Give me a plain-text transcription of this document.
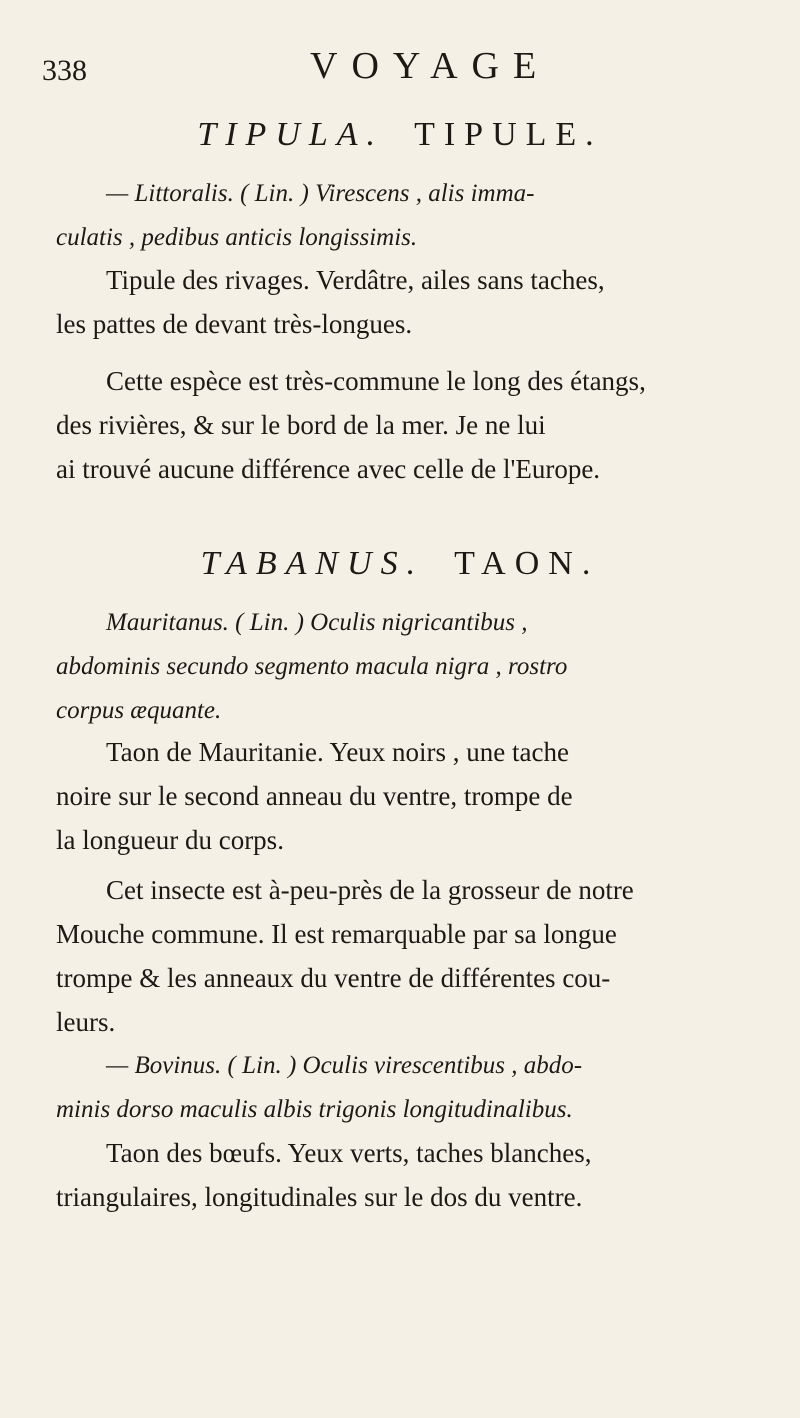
338	VOYAGE
TIPULA. TIPULE.
— Littoralis. ( Lin. ) Virescens , alis imma-
culatis , pedibus anticis longissimis.
Tipule des rivages. Verdâtre, ailes sans taches,
les pattes de devant très-longues.
Cette espèce est très-commune le long des étangs,
des rivières, & sur le bord de la mer. Je ne lui
ai trouvé aucune différence avec celle de l'Europe.
TABANUS. TAON.
Mauritanus. ( Lin. ) Oculis nigricantibus ,
abdominis secundo segmento macula nigra , rostro
corpus æquante.
Taon de Mauritanie. Yeux noirs , une tache
noire sur le second anneau du ventre, trompe de
la longueur du corps.
Cet insecte est à-peu-près de la grosseur de notre
Mouche commune. Il est remarquable par sa longue
trompe & les anneaux du ventre de différentes cou-
leurs.
— Bovinus. ( Lin. ) Oculis virescentibus , abdo-
minis dorso maculis albis trigonis longitudinalibus.
Taon des bœufs. Yeux verts, taches blanches,
triangulaires, longitudinales sur le dos du ventre.
